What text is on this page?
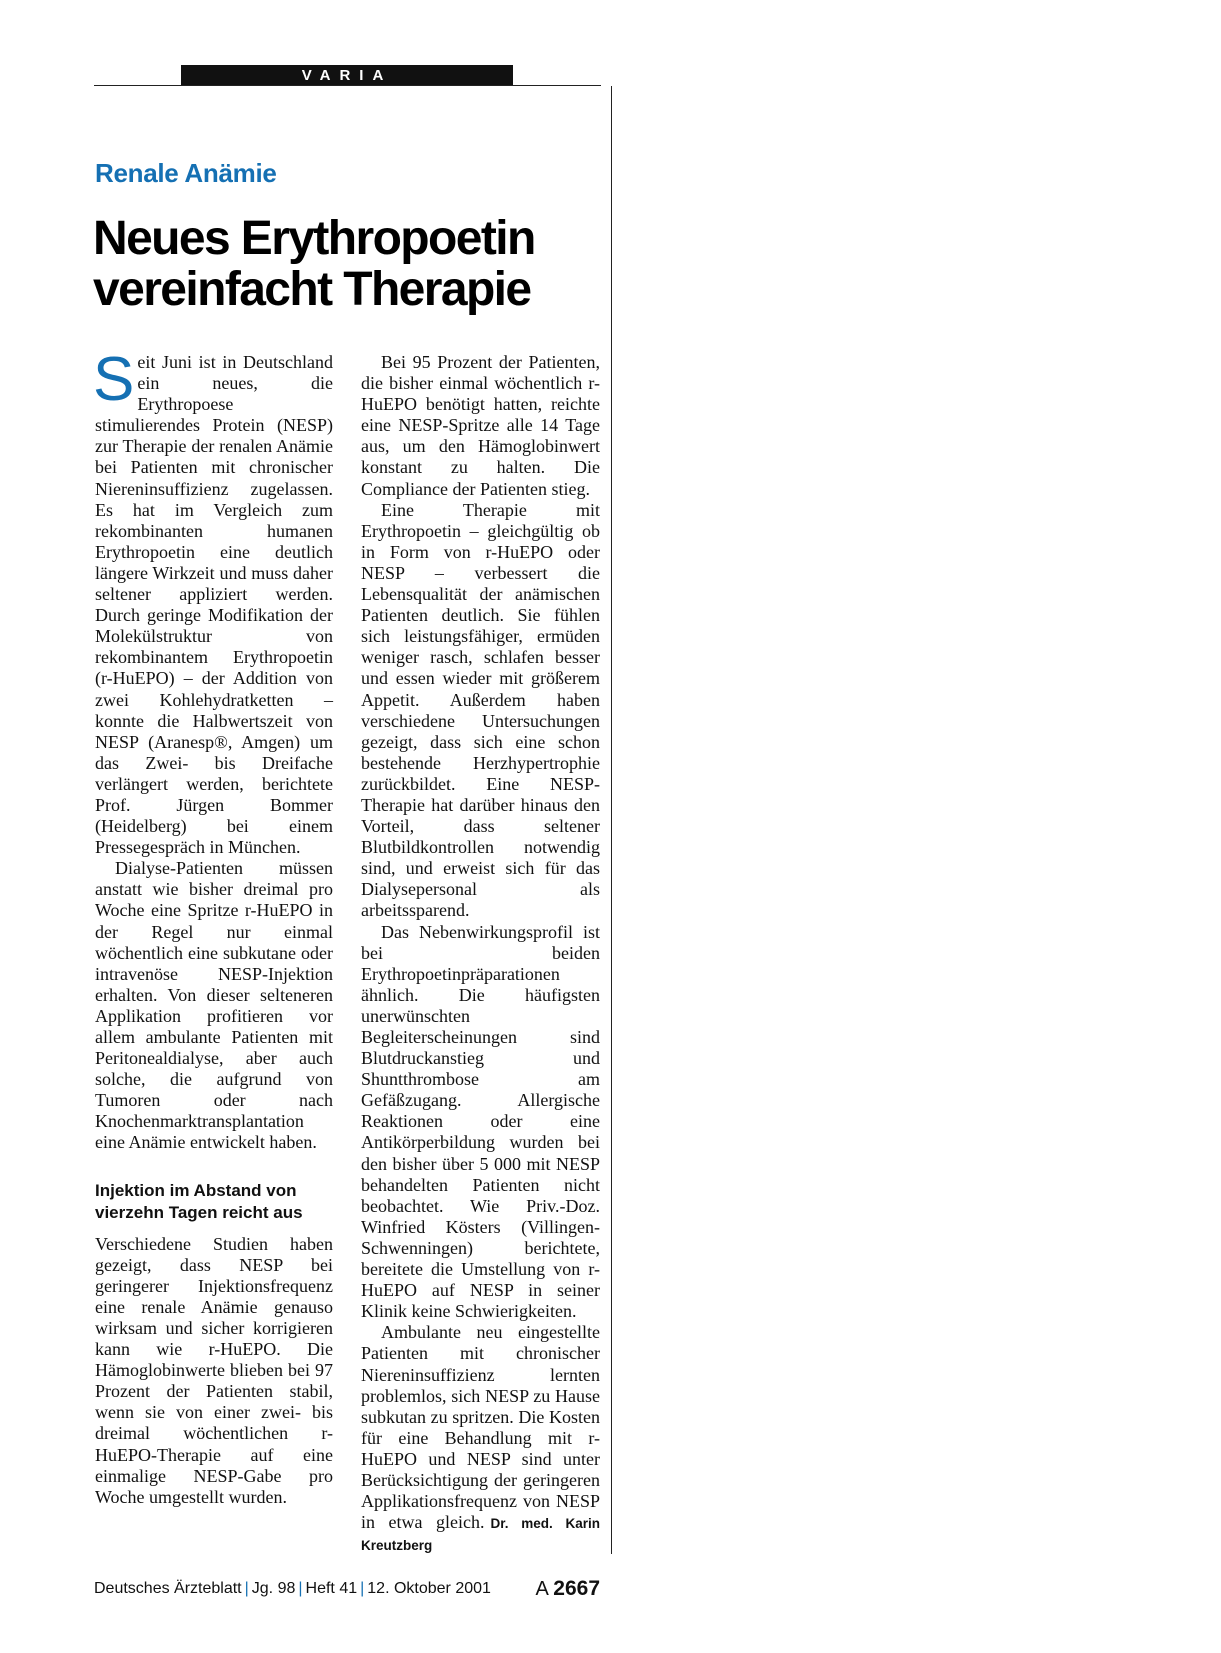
VARIA
Renale Anämie
Neues Erythropoetin
vereinfacht Therapie

Seit Juni ist in Deutschland ein neues, die Erythropoese stimulierendes Protein (NESP) zur Therapie der renalen Anämie bei Patienten mit chronischer Niereninsuffizienz zugelassen. Es hat im Vergleich zum rekombinanten humanen Erythropoetin eine deutlich längere Wirkzeit und muss daher seltener appliziert werden. Durch geringe Modifikation der Molekülstruktur von rekombinantem Erythropoetin (r-HuEPO) – der Addition von zwei Kohlehydratketten – konnte die Halbwertszeit von NESP (Aranesp®, Amgen) um das Zwei- bis Dreifache verlängert werden, berichtete Prof. Jürgen Bommer (Heidelberg) bei einem Pressegespräch in München.

Dialyse-Patienten müssen anstatt wie bisher dreimal pro Woche eine Spritze r-HuEPO in der Regel nur einmal wöchentlich eine subkutane oder intravenöse NESP-Injektion erhalten. Von dieser selteneren Applikation profitieren vor allem ambulante Patienten mit Peritonealdialyse, aber auch solche, die aufgrund von Tumoren oder nach Knochenmarktransplantation eine Anämie entwickelt haben.

Injektion im Abstand von vierzehn Tagen reicht aus

Verschiedene Studien haben gezeigt, dass NESP bei geringerer Injektionsfrequenz eine renale Anämie genauso wirksam und sicher korrigieren kann wie r-HuEPO. Die Hämoglobinwerte blieben bei 97 Prozent der Patienten stabil, wenn sie von einer zwei- bis dreimal wöchentlichen r-HuEPO-Therapie auf eine einmalige NESP-Gabe pro Woche umgestellt wurden.

Bei 95 Prozent der Patienten, die bisher einmal wöchentlich r-HuEPO benötigt hatten, reichte eine NESP-Spritze alle 14 Tage aus, um den Hämoglobinwert konstant zu halten. Die Compliance der Patienten stieg.

Eine Therapie mit Erythropoetin – gleichgültig ob in Form von r-HuEPO oder NESP – verbessert die Lebensqualität der anämischen Patienten deutlich. Sie fühlen sich leistungsfähiger, ermüden weniger rasch, schlafen besser und essen wieder mit größerem Appetit. Außerdem haben verschiedene Untersuchungen gezeigt, dass sich eine schon bestehende Herzhypertrophie zurückbildet. Eine NESP-Therapie hat darüber hinaus den Vorteil, dass seltener Blutbildkontrollen notwendig sind, und erweist sich für das Dialysepersonal als arbeitssparend.

Das Nebenwirkungsprofil ist bei beiden Erythropoetinpräparationen ähnlich. Die häufigsten unerwünschten Begleiterscheinungen sind Blutdruckanstieg und Shuntthrombose am Gefäßzugang. Allergische Reaktionen oder eine Antikörperbildung wurden bei den bisher über 5 000 mit NESP behandelten Patienten nicht beobachtet. Wie Priv.-Doz. Winfried Kösters (Villingen-Schwenningen) berichtete, bereitete die Umstellung von r-HuEPO auf NESP in seiner Klinik keine Schwierigkeiten.

Ambulante neu eingestellte Patienten mit chronischer Niereninsuffizienz lernten problemlos, sich NESP zu Hause subkutan zu spritzen. Die Kosten für eine Behandlung mit r-HuEPO und NESP sind unter Berücksichtigung der geringeren Applikationsfrequenz von NESP in etwa gleich. Dr. med. Karin Kreutzberg

Deutsches Ärzteblatt | Jg. 98 | Heft 41 | 12. Oktober 2001 A 2667
